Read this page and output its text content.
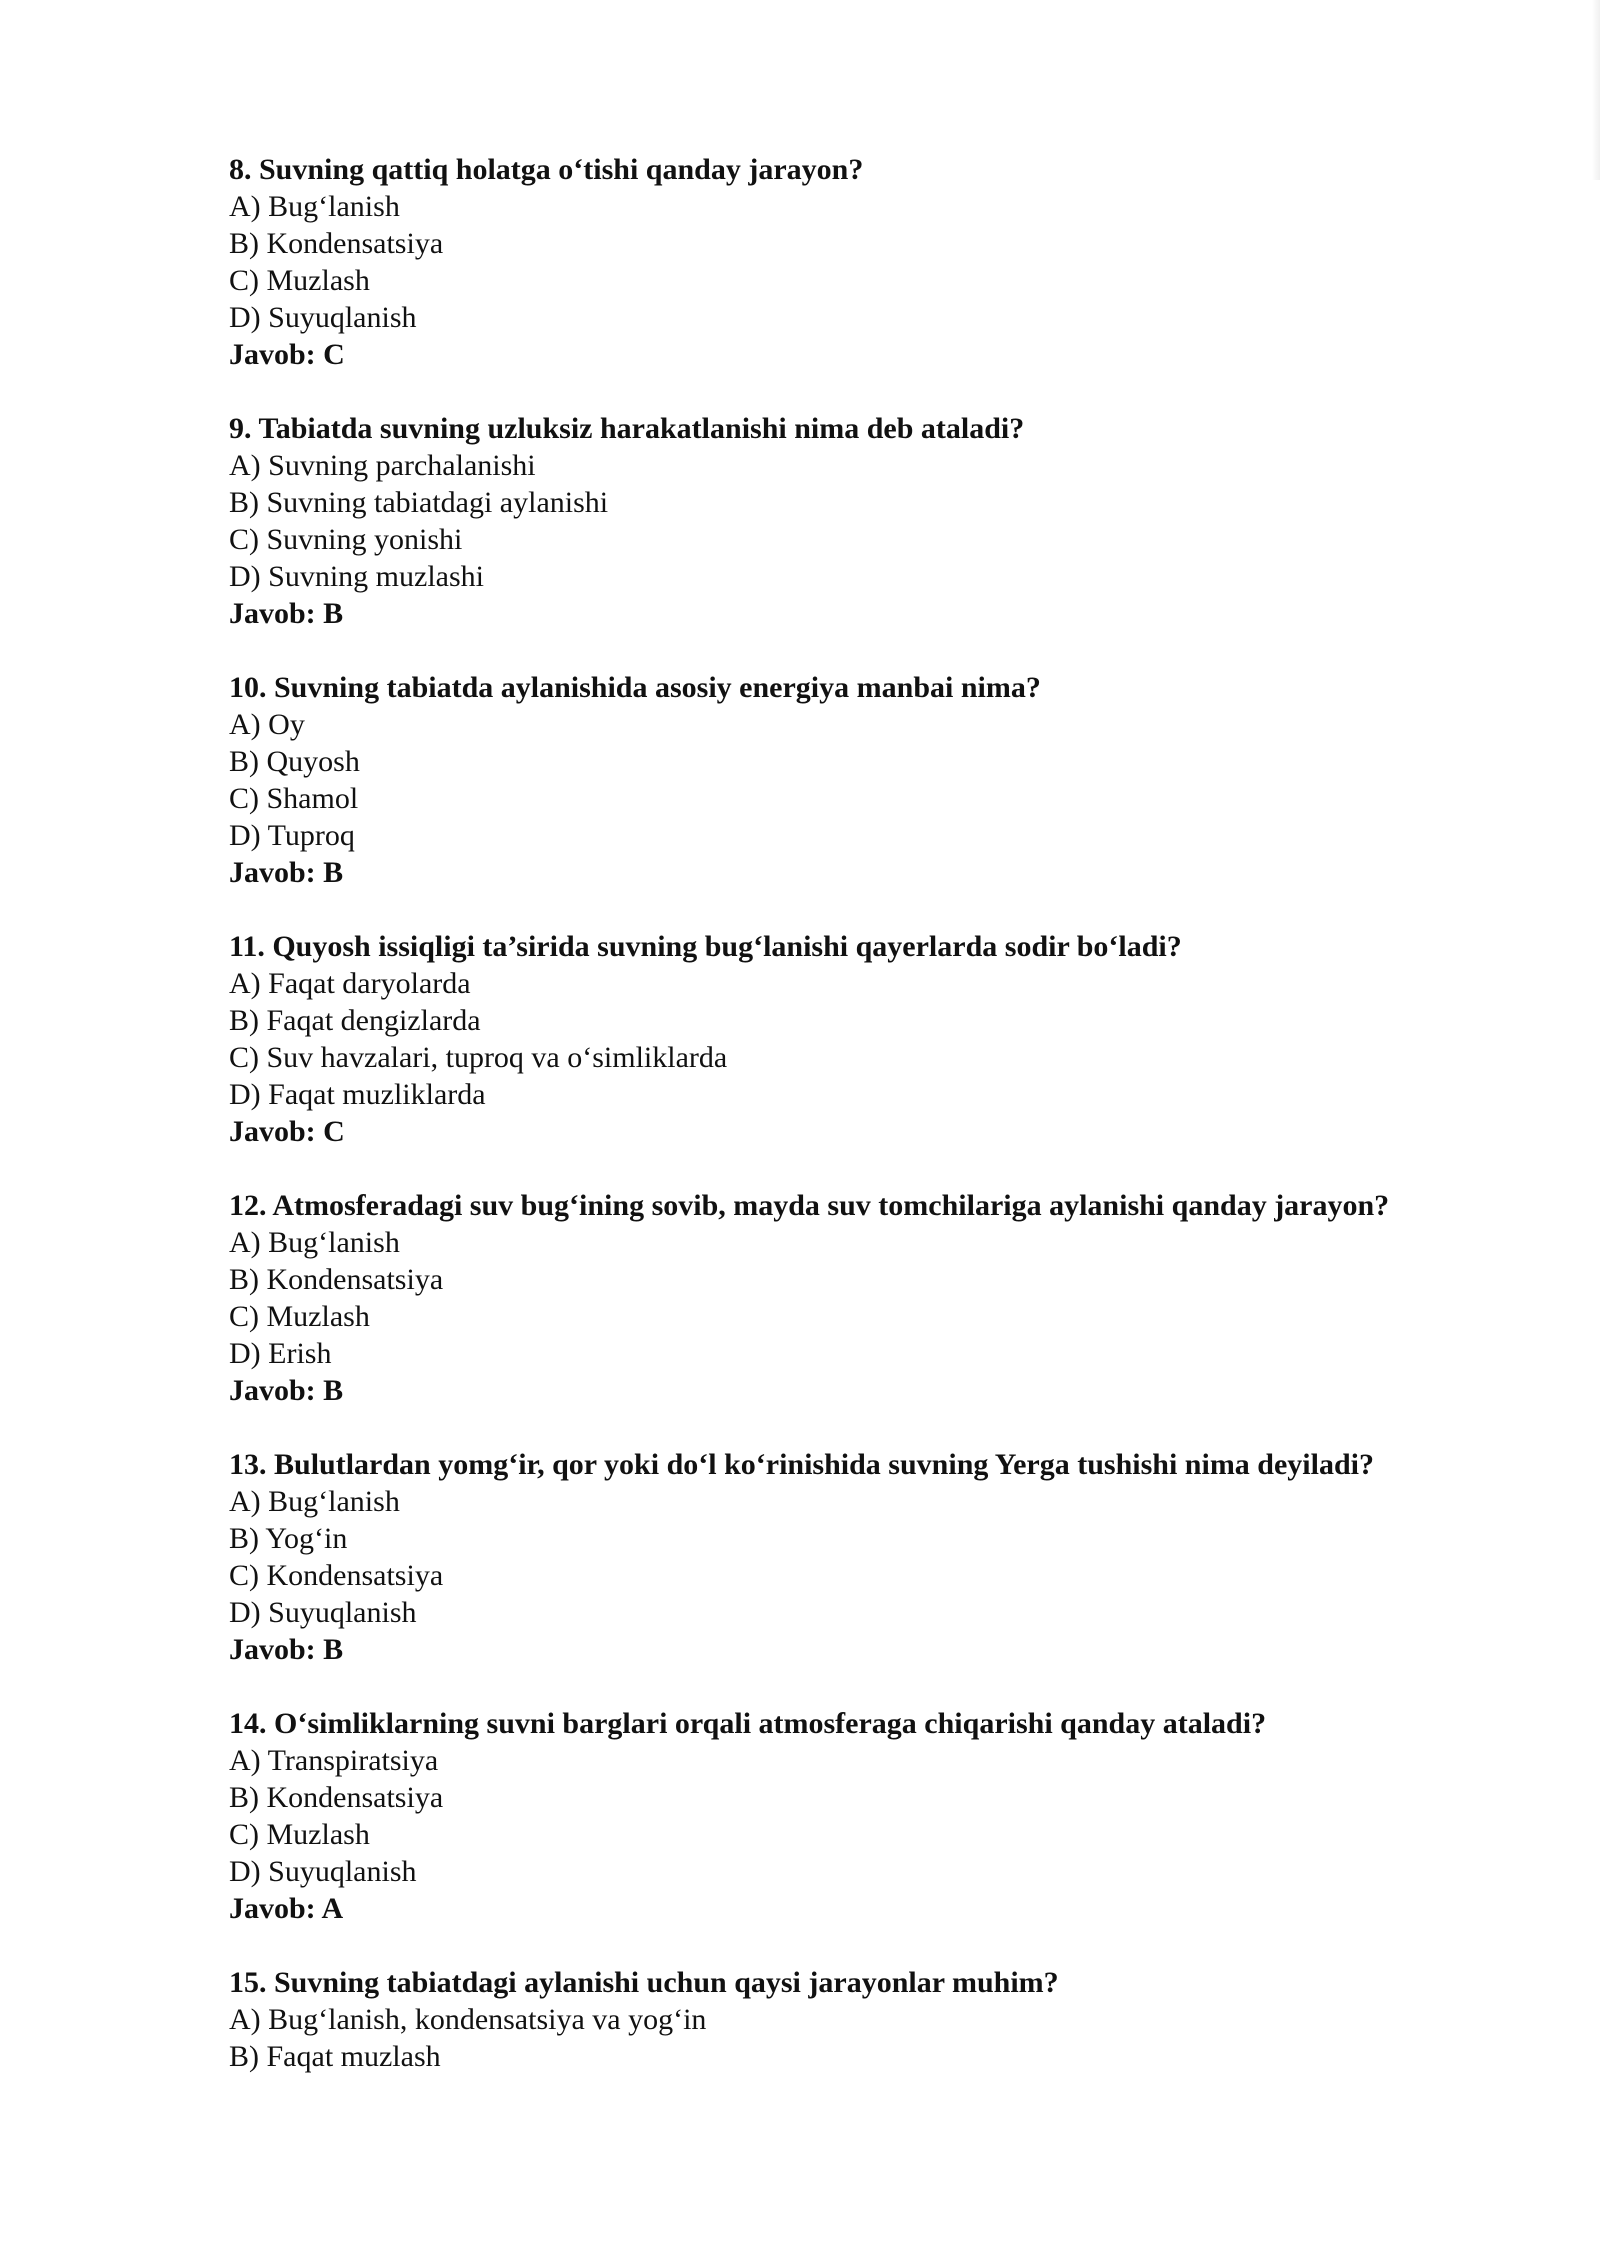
8. Suvning qattiq holatga o‘tishi qanday jarayon?
A) Bug‘lanish
B) Kondensatsiya
C) Muzlash
D) Suyuqlanish
Javob: C
9. Tabiatda suvning uzluksiz harakatlanishi nima deb ataladi?
A) Suvning parchalanishi
B) Suvning tabiatdagi aylanishi
C) Suvning yonishi
D) Suvning muzlashi
Javob: B
10. Suvning tabiatda aylanishida asosiy energiya manbai nima?
A) Oy
B) Quyosh
C) Shamol
D) Tuproq
Javob: B
11. Quyosh issiqligi ta’sirida suvning bug‘lanishi qayerlarda sodir bo‘ladi?
A) Faqat daryolarda
B) Faqat dengizlarda
C) Suv havzalari, tuproq va o‘simliklarda
D) Faqat muzliklarda
Javob: C
12. Atmosferadagi suv bug‘ining sovib, mayda suv tomchilariga aylanishi qanday jarayon?
A) Bug‘lanish
B) Kondensatsiya
C) Muzlash
D) Erish
Javob: B
13. Bulutlardan yomg‘ir, qor yoki do‘l ko‘rinishida suvning Yerga tushishi nima deyiladi?
A) Bug‘lanish
B) Yog‘in
C) Kondensatsiya
D) Suyuqlanish
Javob: B
14. O‘simliklarning suvni barglari orqali atmosferaga chiqarishi qanday ataladi?
A) Transpiratsiya
B) Kondensatsiya
C) Muzlash
D) Suyuqlanish
Javob: A
15. Suvning tabiatdagi aylanishi uchun qaysi jarayonlar muhim?
A) Bug‘lanish, kondensatsiya va yog‘in
B) Faqat muzlash
